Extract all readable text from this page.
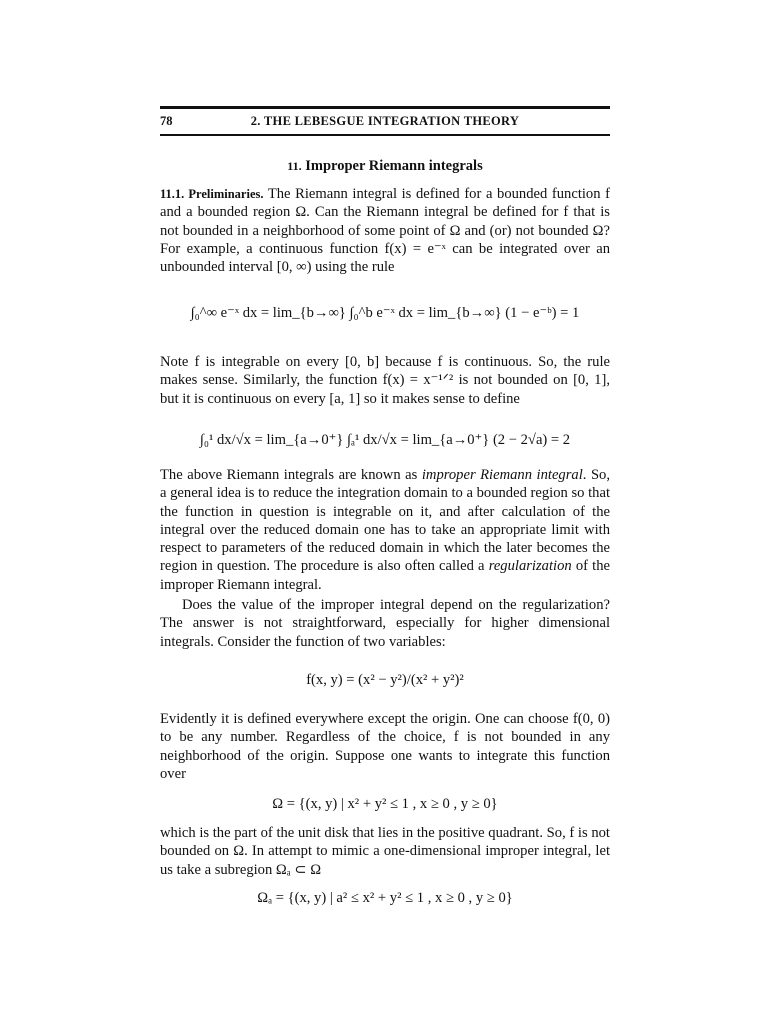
78	2. THE LEBESGUE INTEGRATION THEORY
11. Improper Riemann integrals
11.1. Preliminaries. The Riemann integral is defined for a bounded function f and a bounded region Ω. Can the Riemann integral be defined for f that is not bounded in a neighborhood of some point of Ω and (or) not bounded Ω? For example, a continuous function f(x) = e⁻ˣ can be integrated over an unbounded interval [0, ∞) using the rule
∫₀^∞ e⁻ˣ dx = lim_{b→∞} ∫₀^b e⁻ˣ dx = lim_{b→∞} (1 − e⁻ᵇ) = 1
Note f is integrable on every [0, b] because f is continuous. So, the rule makes sense. Similarly, the function f(x) = x⁻¹ᐟ² is not bounded on [0, 1], but it is continuous on every [a, 1] so it makes sense to define
∫₀¹ dx/√x = lim_{a→0⁺} ∫ₐ¹ dx/√x = lim_{a→0⁺} (2 − 2√a) = 2
The above Riemann integrals are known as improper Riemann integral. So, a general idea is to reduce the integration domain to a bounded region so that the function in question is integrable on it, and after calculation of the integral over the reduced domain one has to take an appropriate limit with respect to parameters of the reduced domain in which the later becomes the region in question. The procedure is also often called a regularization of the improper Riemann integral.
Does the value of the improper integral depend on the regularization? The answer is not straightforward, especially for higher dimensional integrals. Consider the function of two variables:
f(x, y) = (x² − y²)/(x² + y²)²
Evidently it is defined everywhere except the origin. One can choose f(0, 0) to be any number. Regardless of the choice, f is not bounded in any neighborhood of the origin. Suppose one wants to integrate this function over
Ω = {(x, y) | x² + y² ≤ 1 , x ≥ 0 , y ≥ 0}
which is the part of the unit disk that lies in the positive quadrant. So, f is not bounded on Ω. In attempt to mimic a one-dimensional improper integral, let us take a subregion Ωₐ ⊂ Ω
Ωₐ = {(x, y) | a² ≤ x² + y² ≤ 1 , x ≥ 0 , y ≥ 0}
